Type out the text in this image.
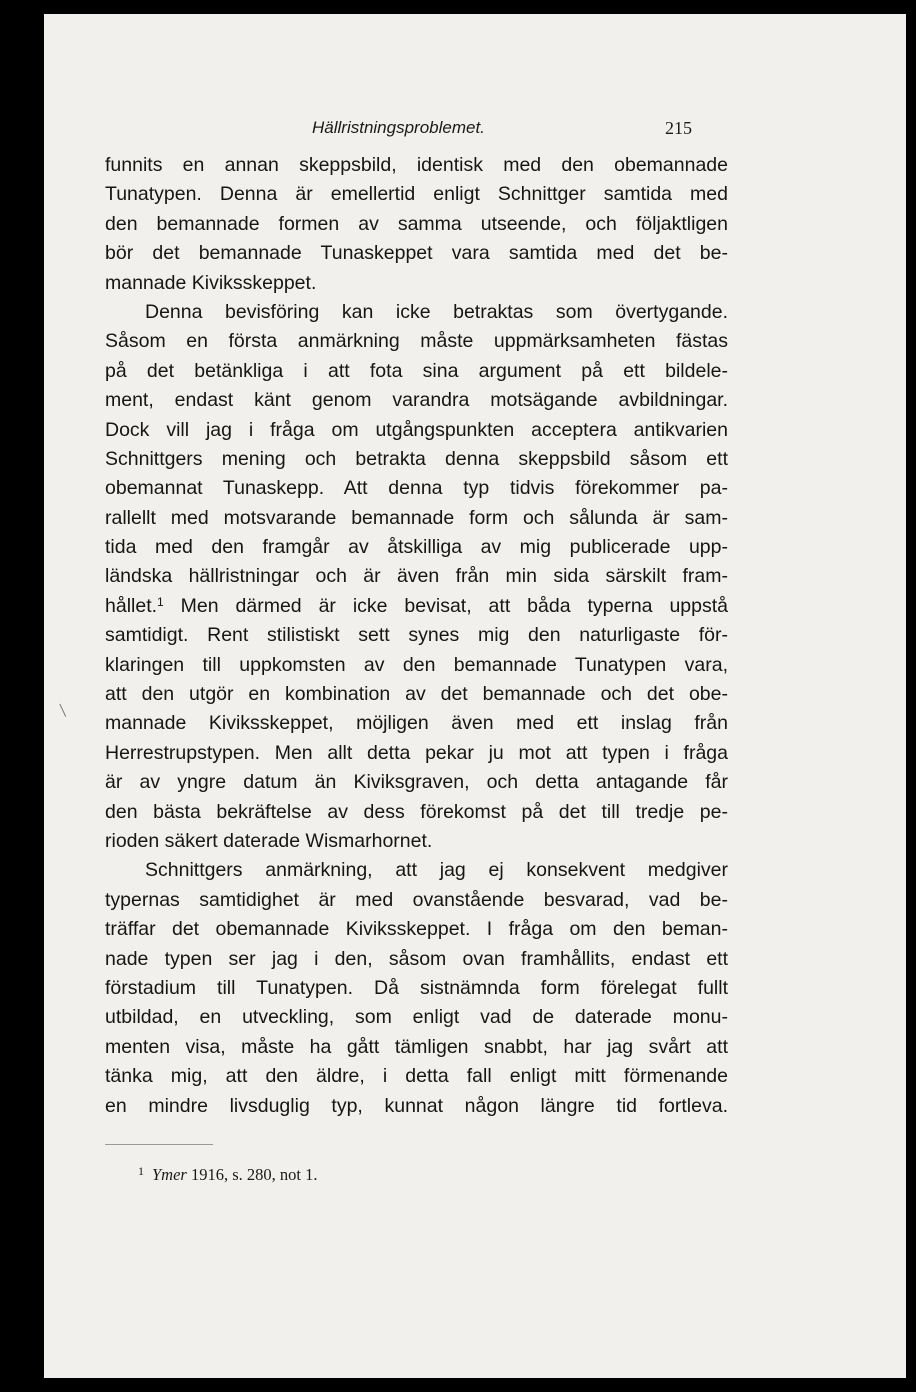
Hällristningsproblemet.	215
funnits en annan skeppsbild, identisk med den obemannade
Tunatypen. Denna är emellertid enligt Schnittger samtida med
den bemannade formen av samma utseende, och följaktligen
bör det bemannade Tunaskeppet vara samtida med det be-
mannade Kiviksskeppet.
Denna bevisföring kan icke betraktas som övertygande.
Såsom en första anmärkning måste uppmärksamheten fästas
på det betänkliga i att fota sina argument på ett bildele-
ment, endast känt genom varandra motsägande avbildningar.
Dock vill jag i fråga om utgångspunkten acceptera antikvarien
Schnittgers mening och betrakta denna skeppsbild såsom ett
obemannat Tunaskepp. Att denna typ tidvis förekommer pa-
rallellt med motsvarande bemannade form och sålunda är sam-
tida med den framgår av åtskilliga av mig publicerade upp-
ländska hällristningar och är även från min sida särskilt fram-
hållet.$^1$ Men därmed är icke bevisat, att båda typerna uppstå
samtidigt. Rent stilistiskt sett synes mig den naturligaste för-
klaringen till uppkomsten av den bemannade Tunatypen vara,
att den utgör en kombination av det bemannade och det obe-
mannade Kiviksskeppet, möjligen även med ett inslag från
Herrestrupstypen. Men allt detta pekar ju mot att typen i fråga
är av yngre datum än Kiviksgraven, och detta antagande får
den bästa bekräftelse av dess förekomst på det till tredje pe-
rioden säkert daterade Wismarhornet.
Schnittgers anmärkning, att jag ej konsekvent medgiver
typernas samtidighet är med ovanstående besvarad, vad be-
träffar det obemannade Kiviksskeppet. I fråga om den beman-
nade typen ser jag i den, såsom ovan framhållits, endast ett
förstadium till Tunatypen. Då sistnämnda form förelegat fullt
utbildad, en utveckling, som enligt vad de daterade monu-
menten visa, måste ha gått tämligen snabbt, har jag svårt att
tänka mig, att den äldre, i detta fall enligt mitt förmenande
en mindre livsduglig typ, kunnat någon längre tid fortleva.
$^1$ Ymer 1916, s. 280, not 1.
